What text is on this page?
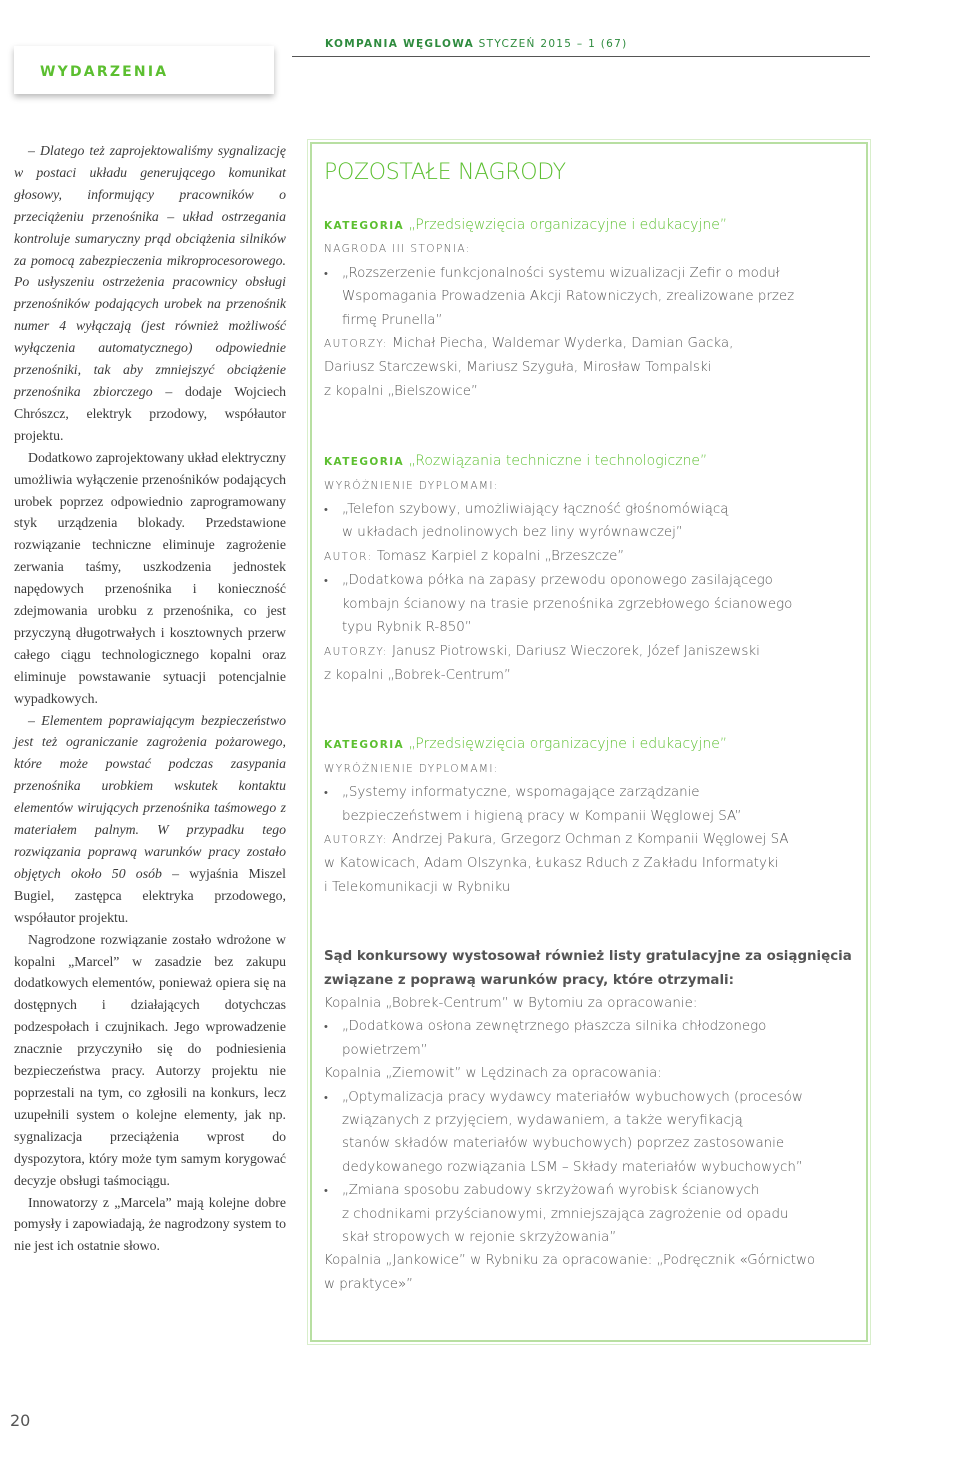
KOMPANIA WĘGLOWA STYCZEŃ 2015 – 1 (67)
WYDARZENIA

– Dlatego też zaprojektowaliśmy sygnalizację w postaci układu generującego komunikat głosowy, informujący pracowników o przeciążeniu przenośnika – układ ostrzegania kontroluje sumaryczny prąd obciążenia silników za pomocą zabezpieczenia mikroprocesorowego. Po usłyszeniu ostrzeżenia pracownicy obsługi przenośników podających urobek na przenośnik numer 4 wyłączają (jest również możliwość wyłączenia automatycznego) odpowiednie przenośniki, tak aby zmniejszyć obciążenie przenośnika zbiorczego – dodaje Wojciech Chrószcz, elektryk przodowy, współautor projektu.

Dodatkowo zaprojektowany układ elektryczny umożliwia wyłączenie przenośników podających urobek poprzez odpowiednio zaprogramowany styk urządzenia blokady. Przedstawione rozwiązanie techniczne eliminuje zagrożenie zerwania taśmy, uszkodzenia jednostek napędowych przenośnika i konieczność zdejmowania urobku z przenośnika, co jest przyczyną długotrwałych i kosztownych przerw całego ciągu technologicznego kopalni oraz eliminuje powstawanie sytuacji potencjalnie wypadkowych.

– Elementem poprawiającym bezpieczeństwo jest też ograniczanie zagrożenia pożarowego, które może powstać podczas zasypania przenośnika urobkiem wskutek kontaktu elementów wirujących przenośnika taśmowego z materiałem palnym. W przypadku tego rozwiązania poprawą warunków pracy zostało objętych około 50 osób – wyjaśnia Miszel Bugiel, zastępca elektryka przodowego, współautor projektu.

Nagrodzone rozwiązanie zostało wdrożone w kopalni „Marcel” w zasadzie bez zakupu dodatkowych elementów, ponieważ opiera się na dostępnych i działających dotychczas podzespołach i czujnikach. Jego wprowadzenie znacznie przyczyniło się do podniesienia bezpieczeństwa pracy. Autorzy projektu nie poprzestali na tym, co zgłosili na konkurs, lecz uzupełnili system o kolejne elementy, jak np. sygnalizacja przeciążenia wprost do dyspozytora, który może tym samym korygować decyzje obsługi taśmociągu.

Innowatorzy z „Marcela” mają kolejne dobre pomysły i zapowiadają, że nagrodzony system to nie jest ich ostatnie słowo.

POZOSTAŁE NAGRODY
KATEGORIA „Przedsięwzięcia organizacyjne i edukacyjne”
NAGRODA III STOPNIA:
• „Rozszerzenie funkcjonalności systemu wizualizacji Zefir o moduł
Wspomagania Prowadzenia Akcji Ratowniczych, zrealizowane przez
firmę Prunella”
AUTORZY: Michał Piecha, Waldemar Wyderka, Damian Gacka,
Dariusz Starczewski, Mariusz Szyguła, Mirosław Tompalski
z kopalni „Bielszowice”
KATEGORIA „Rozwiązania techniczne i technologiczne”
WYRÓŻNIENIE DYPLOMAMI:
• „Telefon szybowy, umożliwiający łączność głośnomówiącą
w układach jednolinowych bez liny wyrównawczej”
AUTOR: Tomasz Karpiel z kopalni „Brzeszcze”
• „Dodatkowa półka na zapasy przewodu oponowego zasilającego
kombajn ścianowy na trasie przenośnika zgrzebłowego ścianowego
typu Rybnik R-850”
AUTORZY: Janusz Piotrowski, Dariusz Wieczorek, Józef Janiszewski
z kopalni „Bobrek-Centrum”
KATEGORIA „Przedsięwzięcia organizacyjne i edukacyjne”
WYRÓŻNIENIE DYPLOMAMI:
• „Systemy informatyczne, wspomagające zarządzanie
bezpieczeństwem i higieną pracy w Kompanii Węglowej SA”
AUTORZY: Andrzej Pakura, Grzegorz Ochman z Kompanii Węglowej SA
w Katowicach, Adam Olszynka, Łukasz Rduch z Zakładu Informatyki
i Telekomunikacji w Rybniku
Sąd konkursowy wystosował również listy gratulacyjne za osiągnięcia
związane z poprawą warunków pracy, które otrzymali:
Kopalnia „Bobrek-Centrum” w Bytomiu za opracowanie:
• „Dodatkowa osłona zewnętrznego płaszcza silnika chłodzonego
powietrzem”
Kopalnia „Ziemowit” w Lędzinach za opracowania:
• „Optymalizacja pracy wydawcy materiałów wybuchowych (procesów
związanych z przyjęciem, wydawaniem, a także weryfikacją
stanów składów materiałów wybuchowych) poprzez zastosowanie
dedykowanego rozwiązania LSM – Składy materiałów wybuchowych”
• „Zmiana sposobu zabudowy skrzyżowań wyrobisk ścianowych
z chodnikami przyścianowymi, zmniejszająca zagrożenie od opadu
skał stropowych w rejonie skrzyżowania”
Kopalnia „Jankowice” w Rybniku za opracowanie: „Podręcznik «Górnictwo
w praktyce»”
20
